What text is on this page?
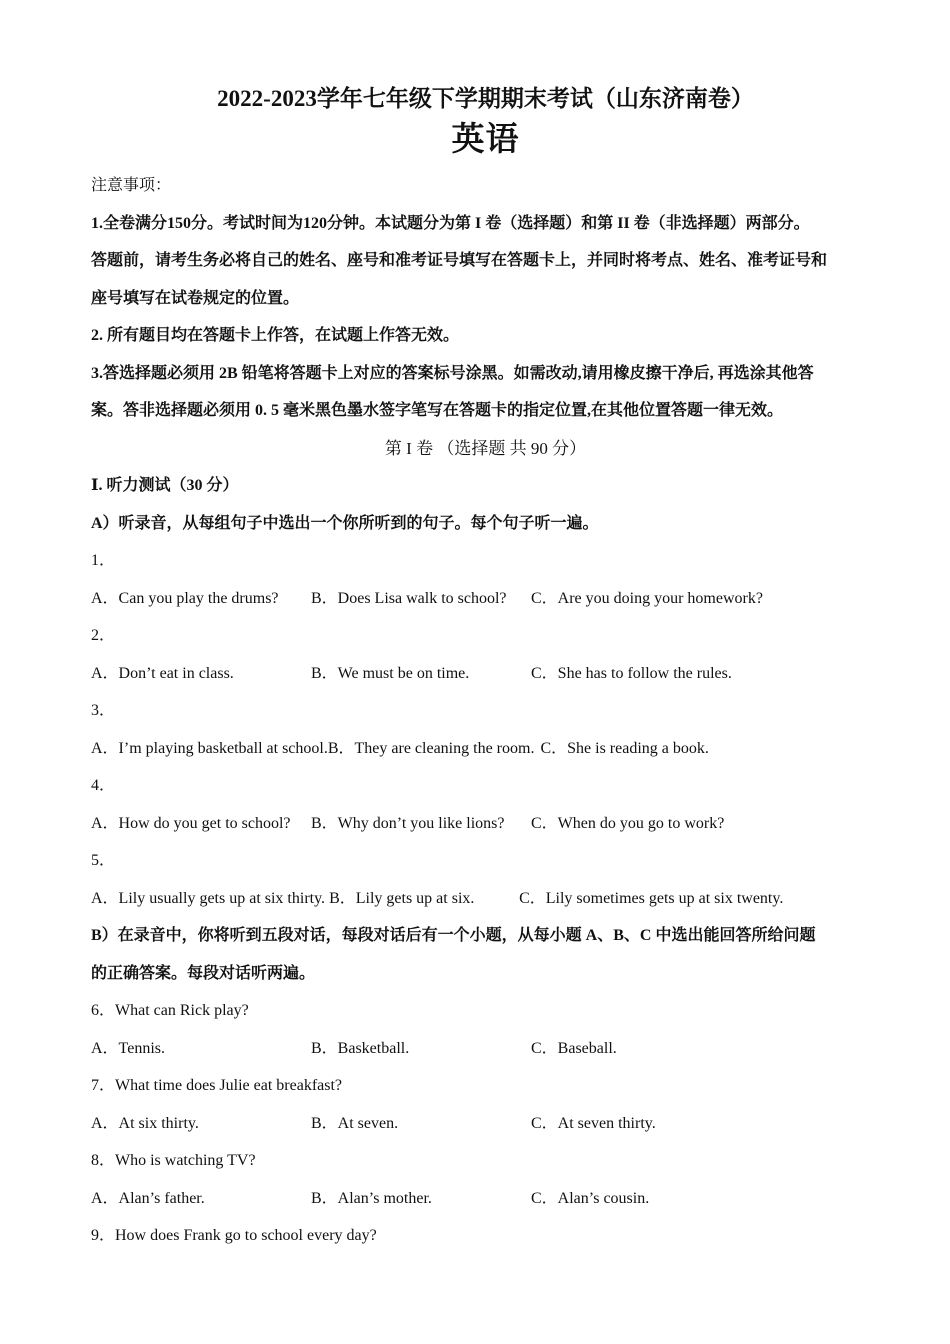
2022-2023学年七年级下学期期末考试（山东济南卷）
英语
注意事项：
1.全卷满分150分。考试时间为120分钟。本试题分为第 I 卷（选择题）和第 II 卷（非选择题）两部分。
答题前，请考生务必将自己的姓名、座号和准考证号填写在答题卡上，并同时将考点、姓名、准考证号和
座号填写在试卷规定的位置。
2. 所有题目均在答题卡上作答，在试题上作答无效。
3.答选择题必须用 2B 铅笔将答题卡上对应的答案标号涂黑。如需改动,请用橡皮擦干净后, 再选涂其他答
案。答非选择题必须用 0. 5 毫米黑色墨水签字笔写在答题卡的指定位置,在其他位置答题一律无效。
第 I 卷 （选择题 共 90 分）
Ⅰ. 听力测试（30 分）
A）听录音，从每组句子中选出一个你所听到的句子。每个句子听一遍。
1．
A．Can you play the drums?	B．Does Lisa walk to school?	C．Are you doing your homework?
2．
A．Don’t eat in class.	B．We must be on time.	C．She has to follow the rules.
3．
A．I’m playing basketball at school. B．They are cleaning the room. C．She is reading a book.
4．
A．How do you get to school?	B．Why don’t you like lions?	C．When do you go to work?
5．
A．Lily usually gets up at six thirty. B．Lily gets up at six.	C．Lily sometimes gets up at six twenty.
B）在录音中，你将听到五段对话，每段对话后有一个小题，从每小题 A、B、C 中选出能回答所给问题
的正确答案。每段对话听两遍。
6．What can Rick play?
A．Tennis.	B．Basketball.	C．Baseball.
7．What time does Julie eat breakfast?
A．At six thirty.	B．At seven.	C．At seven thirty.
8．Who is watching TV?
A．Alan’s father.	B．Alan’s mother.	C．Alan’s cousin.
9．How does Frank go to school every day?
